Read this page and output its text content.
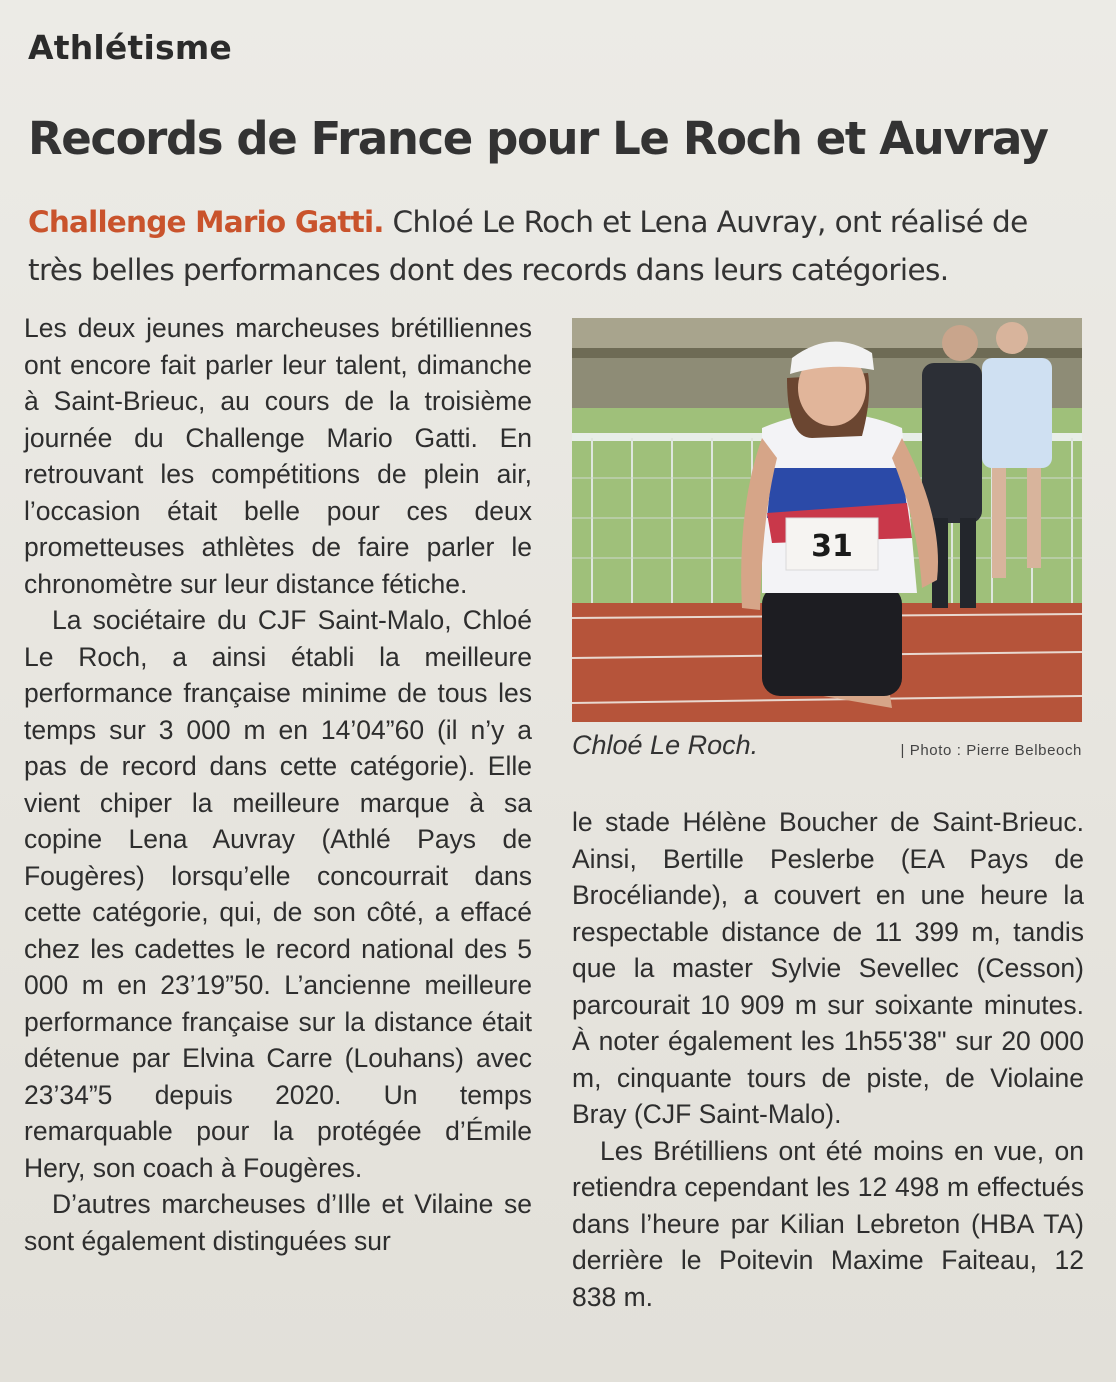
Athlétisme
Records de France pour Le Roch et Auvray
Challenge Mario Gatti. Chloé Le Roch et Lena Auvray, ont réalisé de très belles performances dont des records dans leurs catégories.

Les deux jeunes marcheuses brétilliennes ont encore fait parler leur talent, dimanche à Saint-Brieuc, au cours de la troisième journée du Challenge Mario Gatti. En retrouvant les compétitions de plein air, l’occasion était belle pour ces deux prometteuses athlètes de faire parler le chronomètre sur leur distance fétiche.

La sociétaire du CJF Saint-Malo, Chloé Le Roch, a ainsi établi la meilleure performance française minime de tous les temps sur 3 000 m en 14’04”60 (il n’y a pas de record dans cette catégorie). Elle vient chiper la meilleure marque à sa copine Lena Auvray (Athlé Pays de Fougères) lorsqu’elle concourrait dans cette catégorie, qui, de son côté, a effacé chez les cadettes le record national des 5 000 m en 23’19”50. L’ancienne meilleure performance française sur la distance était détenue par Elvina Carre (Louhans) avec 23’34”5 depuis 2020. Un temps remarquable pour la protégée d’Émile Hery, son coach à Fougères.

D’autres marcheuses d’Ille et Vilaine se sont également distinguées sur

31
Chloé Le Roch.	| Photo : Pierre Belbeoch

le stade Hélène Boucher de Saint-Brieuc. Ainsi, Bertille Peslerbe (EA Pays de Brocéliande), a couvert en une heure la respectable distance de 11 399 m, tandis que la master Sylvie Sevellec (Cesson) parcourait 10 909 m sur soixante minutes. À noter également les 1h55'38" sur 20 000 m, cinquante tours de piste, de Violaine Bray (CJF Saint-Malo).

Les Brétilliens ont été moins en vue, on retiendra cependant les 12 498 m effectués dans l’heure par Kilian Lebreton (HBA TA) derrière le Poitevin Maxime Faiteau, 12 838 m.
